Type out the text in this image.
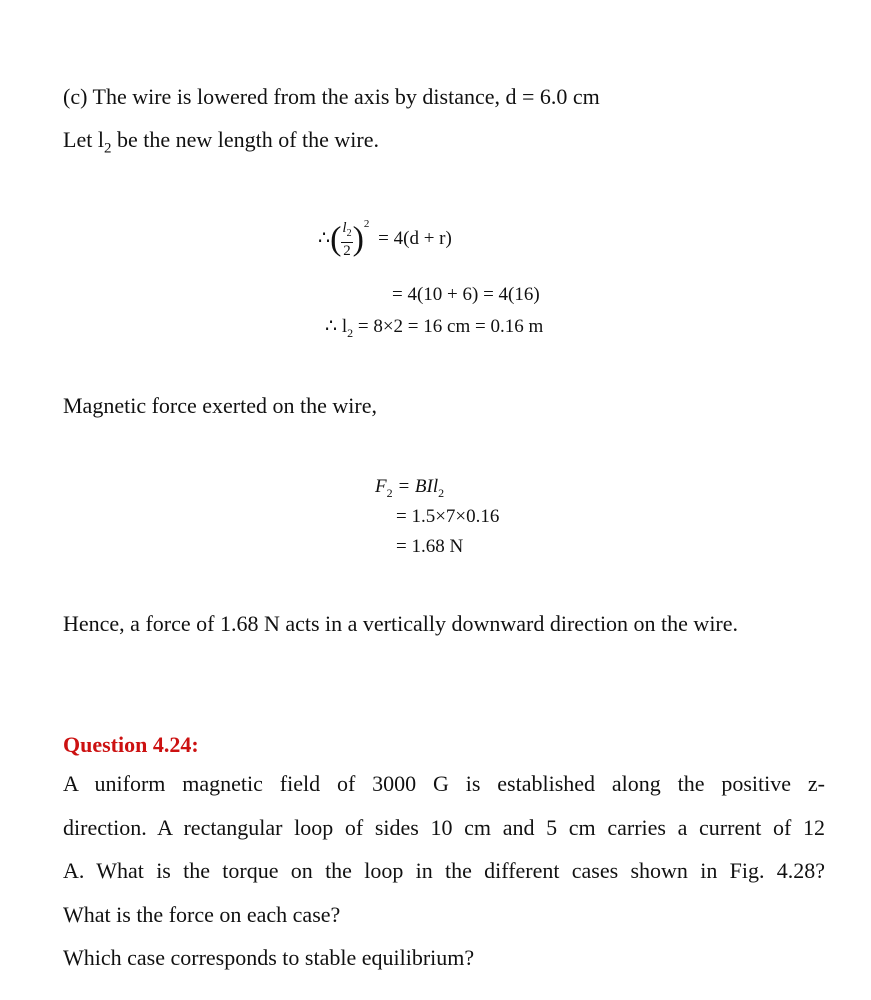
(c) The wire is lowered from the axis by distance, d = 6.0 cm
Let $l_2$ be the new length of the wire.
∴( $\frac{l_2}{2} )^2 = 4(d + r)$
= 4(10 + 6) = 4(16)
∴ $l_2 = 8\times 2 = 16$ cm = 0.16 m
Magnetic force exerted on the wire,
$F_2 = BIl_2$
= 1.5×7×0.16
= 1.68 N
Hence, a force of 1.68 N acts in a vertically downward direction on the wire.
Question 4.24:
A uniform magnetic field of 3000 G is established along the positive z-
direction. A rectangular loop of sides 10 cm and 5 cm carries a current of 12
A. What is the torque on the loop in the different cases shown in Fig. 4.28?
What is the force on each case?
Which case corresponds to stable equilibrium?
